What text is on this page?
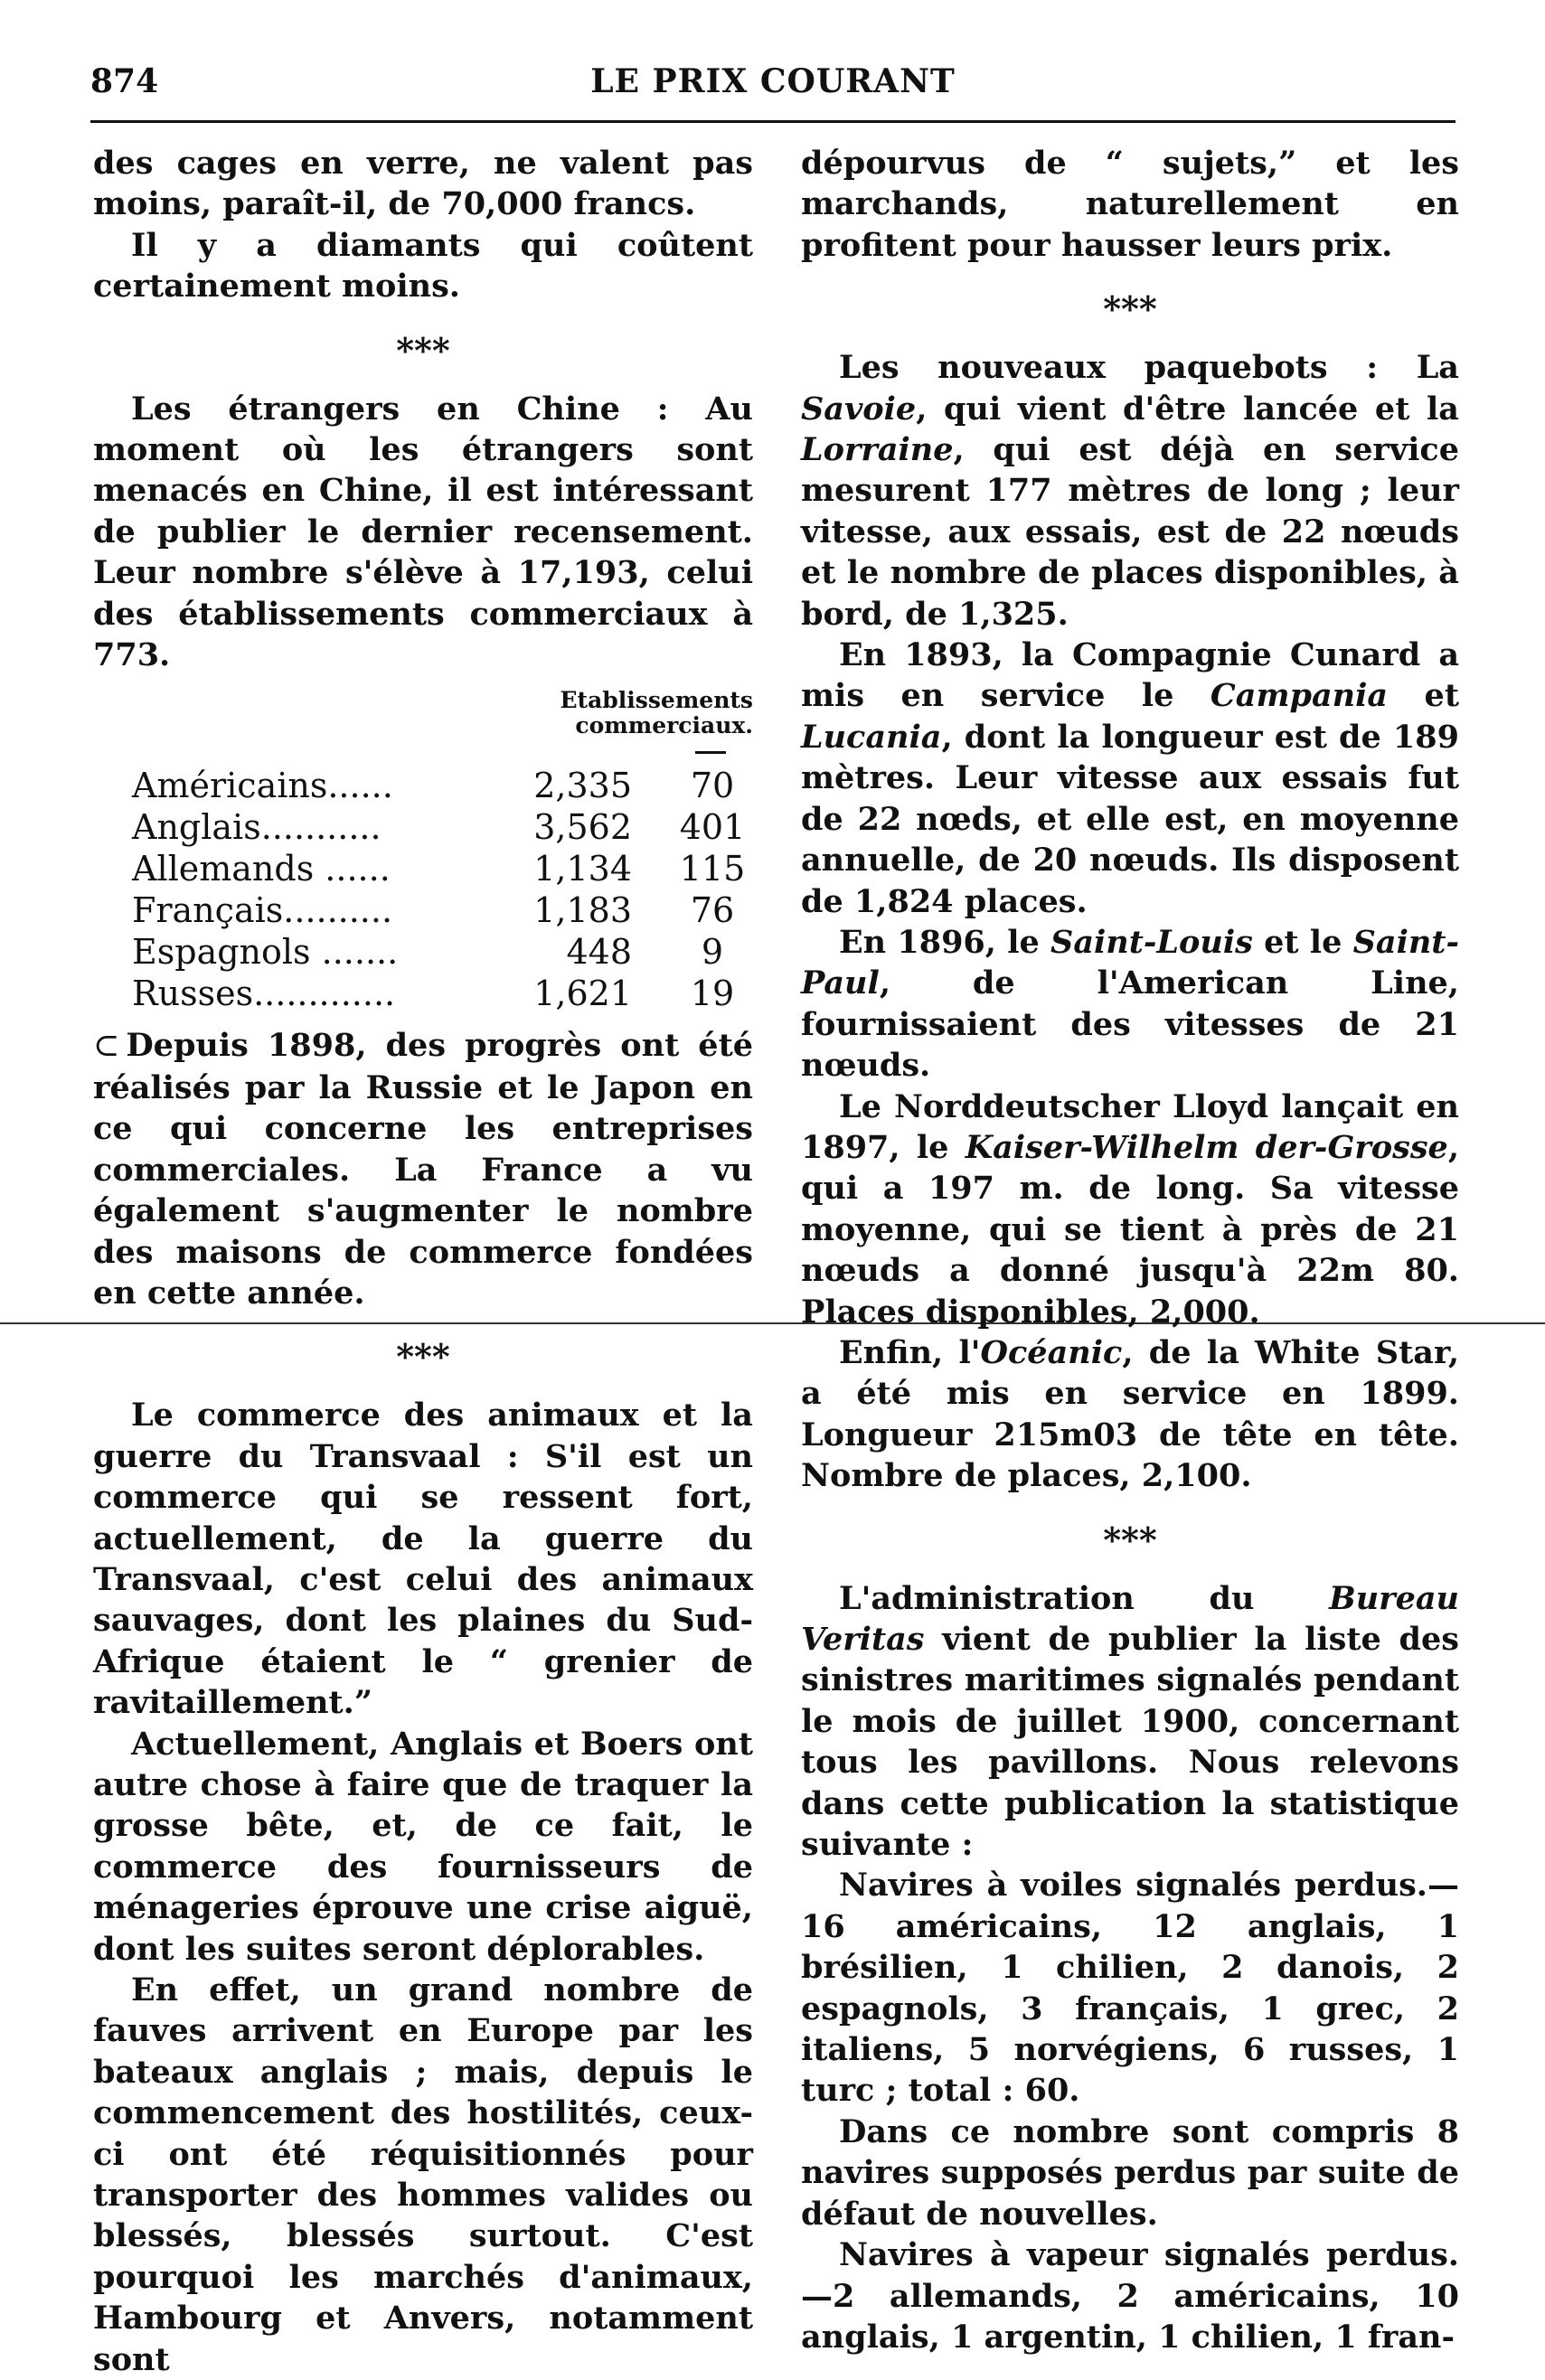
874	LE PRIX COURANT

des cages en verre, ne valent pas moins, paraît-il, de 70,000 francs.

Il y a diamants qui coûtent certainement moins.

***

Les étrangers en Chine : Au moment où les étrangers sont menacés en Chine, il est intéressant de publier le dernier recensement. Leur nombre s'élève à 17,193, celui des établissements commerciaux à 773.

Etablissements
commerciaux.
Américains......	2,335	70
Anglais...........	3,562	401
Allemands ......	1,134	115
Français..........	1,183	76
Espagnols .......	448	9
Russes.............	1,621	19

⊂ Depuis 1898, des progrès ont été réalisés par la Russie et le Japon en ce qui concerne les entreprises commerciales. La France a vu également s'augmenter le nombre des maisons de commerce fondées en cette année.

***

Le commerce des animaux et la guerre du Transvaal : S'il est un commerce qui se ressent fort, actuellement, de la guerre du Transvaal, c'est celui des animaux sauvages, dont les plaines du Sud-Afrique étaient le “ grenier de ravitaillement.”

Actuellement, Anglais et Boers ont autre chose à faire que de traquer la grosse bête, et, de ce fait, le commerce des fournisseurs de ménageries éprouve une crise aiguë, dont les suites seront déplorables.

En effet, un grand nombre de fauves arrivent en Europe par les bateaux anglais ; mais, depuis le commencement des hostilités, ceux-ci ont été réquisitionnés pour transporter des hommes valides ou blessés, blessés surtout. C'est pourquoi les marchés d'animaux, Hambourg et Anvers, notamment sont

dépourvus de “ sujets,” et les marchands, naturellement en profitent pour hausser leurs prix.

***

Les nouveaux paquebots : La Savoie, qui vient d'être lancée et la Lorraine, qui est déjà en service mesurent 177 mètres de long ; leur vitesse, aux essais, est de 22 nœuds et le nombre de places disponibles, à bord, de 1,325.

En 1893, la Compagnie Cunard a mis en service le Campania et Lucania, dont la longueur est de 189 mètres. Leur vitesse aux essais fut de 22 nœds, et elle est, en moyenne annuelle, de 20 nœuds. Ils disposent de 1,824 places.

En 1896, le Saint-Louis et le Saint-Paul, de l'American Line, fournissaient des vitesses de 21 nœuds.

Le Norddeutscher Lloyd lançait en 1897, le Kaiser-Wilhelm der-Grosse, qui a 197 m. de long. Sa vitesse moyenne, qui se tient à près de 21 nœuds a donné jusqu'à 22m 80. Places disponibles, 2,000.

Enfin, l'Océanic, de la White Star, a été mis en service en 1899. Longueur 215m03 de tête en tête. Nombre de places, 2,100.

***

L'administration du Bureau Veritas vient de publier la liste des sinistres maritimes signalés pendant le mois de juillet 1900, concernant tous les pavillons. Nous relevons dans cette publication la statistique suivante :

Navires à voiles signalés perdus.— 16 américains, 12 anglais, 1 brésilien, 1 chilien, 2 danois, 2 espagnols, 3 français, 1 grec, 2 italiens, 5 norvégiens, 6 russes, 1 turc ; total : 60.

Dans ce nombre sont compris 8 navires supposés perdus par suite de défaut de nouvelles.

Navires à vapeur signalés perdus. —2 allemands, 2 américains, 10 anglais, 1 argentin, 1 chilien, 1 fran-
